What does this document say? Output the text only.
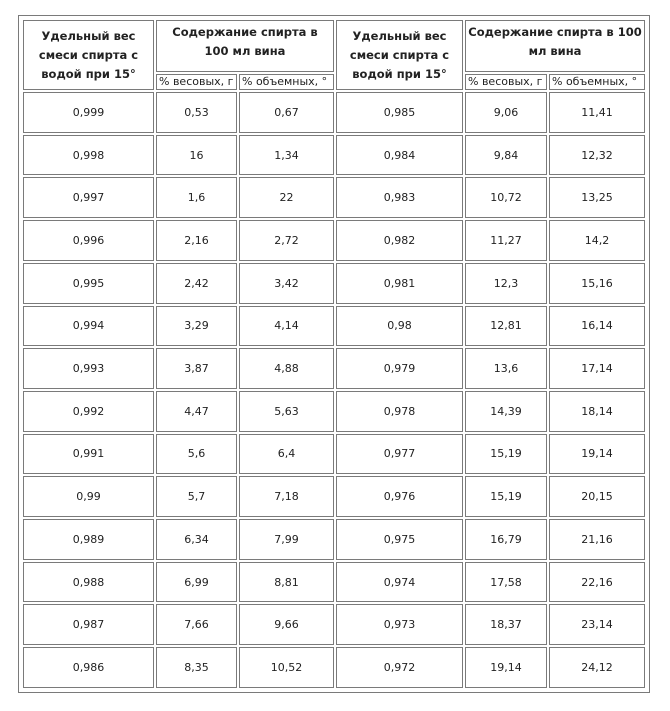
Удельный вес смеси спирта с водой при 15°	Содержание спирта в 100 мл вина		Удельный вес смеси спирта с водой при 15°	Содержание спирта в 100 мл вина	
	% весовых, г	% объемных, °		% весовых, г	% объемных, °
0,999	0,53	0,67	0,985	9,06	11,41
0,998	16	1,34	0,984	9,84	12,32
0,997	1,6	22	0,983	10,72	13,25
0,996	2,16	2,72	0,982	11,27	14,2
0,995	2,42	3,42	0,981	12,3	15,16
0,994	3,29	4,14	0,98	12,81	16,14
0,993	3,87	4,88	0,979	13,6	17,14
0,992	4,47	5,63	0,978	14,39	18,14
0,991	5,6	6,4	0,977	15,19	19,14
0,99	5,7	7,18	0,976	15,19	20,15
0,989	6,34	7,99	0,975	16,79	21,16
0,988	6,99	8,81	0,974	17,58	22,16
0,987	7,66	9,66	0,973	18,37	23,14
0,986	8,35	10,52	0,972	19,14	24,12
